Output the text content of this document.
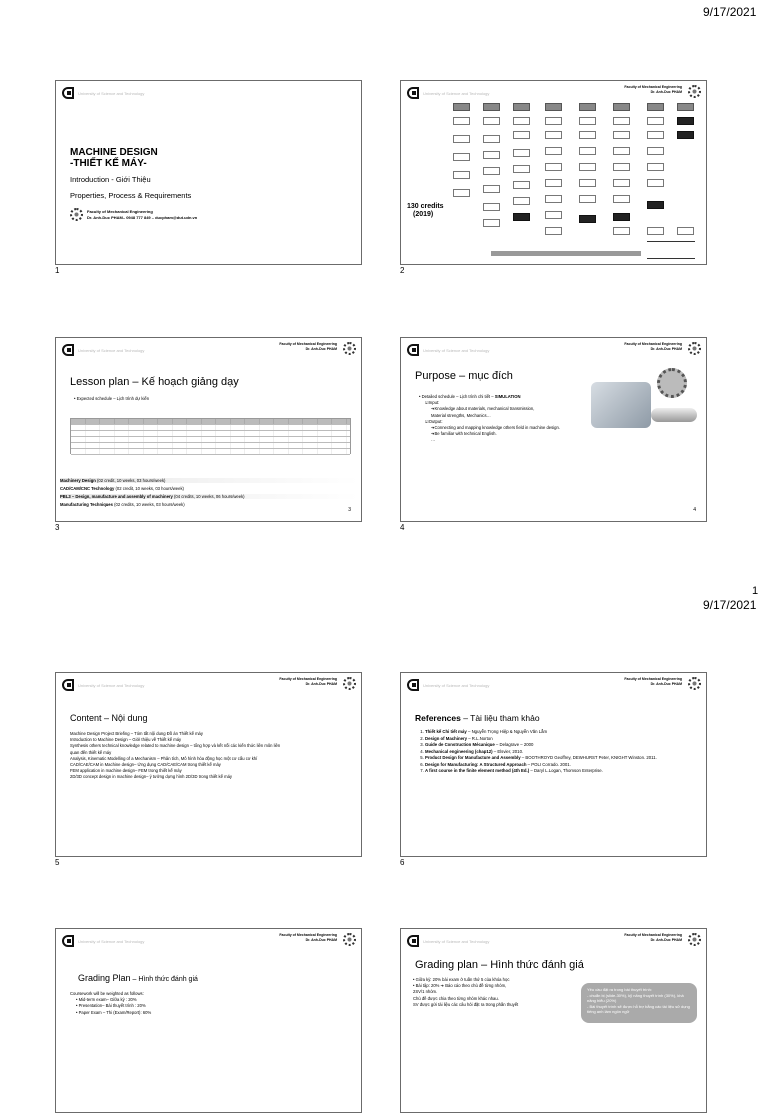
9/17/2021
University of Science and Technology
MACHINE DESIGN
-THIẾT KẾ MÁY-
Introduction - Giới Thiệu
Properties, Process & Requirements
Faculty of Mechanical Engineering
Dr. Anh-Duc PHAM– 0948 777 849 – ducpham@dut.udn.vn
1
University of Science and Technology
Faculty of Mechanical Engineering
Dr. Anh-Duc PHAM
130 credits
(2019)
2
University of Science and Technology
Faculty of Mechanical Engineering
Dr. Anh-Duc PHAM
Lesson plan – Kế hoạch giảng dạy
• Expected schedule – Lịch trình dự kiến
Machinery Design (02 credit, 10 weeks, 03 hours/week)
CAD/CAM/CNC Technology (02 credit, 10 weeks, 03 hours/week)
PBL3 – Design, manufacture and assembly of machinery (04 credits, 10 weeks, 06 hours/week)
Manufacturing Techniques (02 credits, 10 weeks, 03 hours/week)
3
3
University of Science and Technology
Faculty of Mechanical Engineering
Dr. Anh-Duc PHAM
Purpose – mục đích
• Detailed schedule – Lịch trình chi tiết – SIMULATION
☑Input:
➔Knowledge about materials, mechanical transmission,
Material strengths, Mechanics…
☑Output:
➔Connecting and mapping knowledge others field in machine design.
➔Be familiar with technical English.
…
4
4
1
9/17/2021
University of Science and Technology
Faculty of Mechanical Engineering
Dr. Anh-Duc PHAM
Content – Nội dung
Machine Design Project Briefing – Tóm tắt nội dung Đồ án Thiết kế máy
Introduction to Machine Design – Giới thiệu về Thiết kế máy
Synthesis others technical knowledge related to machine design – tổng hợp và kết nối các kiến thức liên môn liên
quan đến thiết kế máy
Analysis, Kinematic Modelling of a Mechanism – Phân tích, Mô hình hóa động học một cơ cấu cơ khí
CAD/CAE/CAM in Machine design– Ứng dụng CAD/CAE/CAM trong thiết kế máy
FEM application in machine design– FEM trong thiết kế máy
2D/3D concept design in machine design– ý tưởng dựng hình 2D/3D trong thiết kế máy
5
University of Science and Technology
Faculty of Mechanical Engineering
Dr. Anh-Duc PHAM
References – Tài liệu tham khảo
1. Thiết kế Chi tiết máy – Nguyễn Trọng Hiệp & Nguyễn Văn Lẫm
2. Design of Machinery – R.L.Norton
3. Guide de Construction Mécanique – Delagrave – 2000
4. Mechanical engineering (chap12) – Elsvier, 2010.
5. Product Design for Manufacture and Assembly – BOOTHROYD Geoffrey, DEWHURST Peter, KNIGHT Winston. 2011.
6. Design for Manufacturing: A Structured Approach – POLI Corrado. 2001.
7. A first course in the finite element method (4th Ed.) – Daryl L.Logan, Thomson Enterprise.
6
University of Science and Technology
Faculty of Mechanical Engineering
Dr. Anh-Duc PHAM
Grading Plan – Hình thức đánh giá
Coursework will be weighted as follows:
• Mid-term exam– Giữa kỳ : 20%
• Presentation– Bài thuyết trình : 20%
• Paper Exam – Thi (Exam/Report): 60%
University of Science and Technology
Faculty of Mechanical Engineering
Dr. Anh-Duc PHAM
Grading plan – Hình thức đánh giá
• Giữa kỳ: 20% bài exam ở tuần thứ 5 của khóa học
• Bài tập: 20% ➔ Báo cáo theo chủ đề từng nhóm,
2SV/1 nhóm.
Chủ đề được chia theo từng nhóm khác nhau.
SV được gửi tài liệu các câu hỏi đặt ra trong phần thuyết
Yêu cầu đặt ra trong bài thuyết trình:
- chuẩn bị (slide-30%), kỹ năng thuyết trình (30%), khả năng hiểu (20%)
- Bài thuyết trình sẽ được hỗ trợ bằng các tài liệu sử dụng tiếng anh làm ngôn ngữ
